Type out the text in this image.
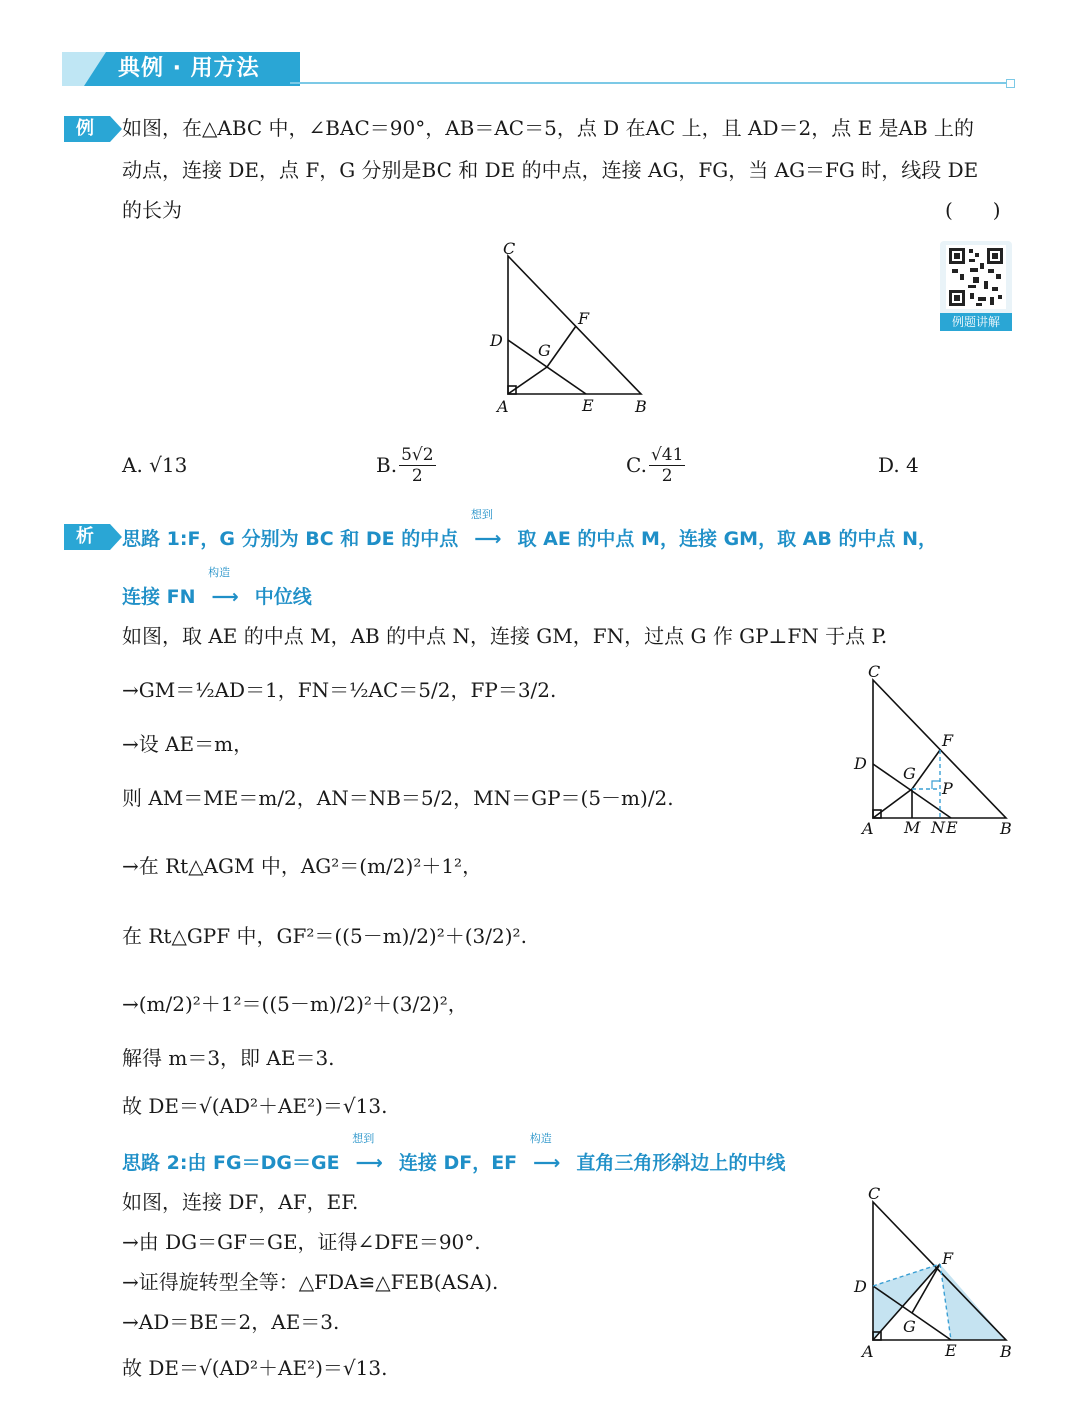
典例 · 用方法
例	如图，在△ABC 中，∠BAC＝90°，AB＝AC＝5，点 D 在AC 上，且 AD＝2，点 E 是AB 上的
动点，连接 DE，点 F，G 分别是BC 和 DE 的中点，连接 AG，FG，当 AG＝FG 时，线段 DE
的长为	(　　)
例题讲解
C
D
F
G
A	E	B
A. √13	B. $\frac{5√2}{2}$	C. $\frac{√41}{2}$	D. 4
析	思路 1:F，G 分别为 BC 和 DE 的中点
想到
⟶ 取 AE 的中点 M，连接 GM，取 AB 的中点 N，
连接 FN
构造
⟶ 中位线
如图，取 AE 的中点 M，AB 的中点 N，连接 GM，FN，过点 G 作 GP⊥FN 于点 P.
→GM＝½AD＝1，FN＝½AC＝5/2，FP＝3/2.
→设 AE＝m，
则 AM＝ME＝m/2，AN＝NB＝5/2，MN＝GP＝(5－m)/2.
→在 Rt△AGM 中，AG²＝(m/2)²＋1²，
在 Rt△GPF 中，GF²＝((5－m)/2)²＋(3/2)².
→(m/2)²＋1²＝((5－m)/2)²＋(3/2)²，
解得 m＝3，即 AE＝3.
故 DE＝√(AD²＋AE²)＝√13.
C
D
F
G
P
A M N E	B
思路 2:由 FG＝DG＝GE
想到
⟶ 连接 DF，EF
构造
⟶ 直角三角形斜边上的中线
如图，连接 DF，AF，EF.
→由 DG＝GF＝GE，证得∠DFE＝90°.
→证得旋转型全等：△FDA≌△FEB(ASA).
→AD＝BE＝2，AE＝3.
故 DE＝√(AD²＋AE²)＝√13.
C
D
F
G
A	E	B
